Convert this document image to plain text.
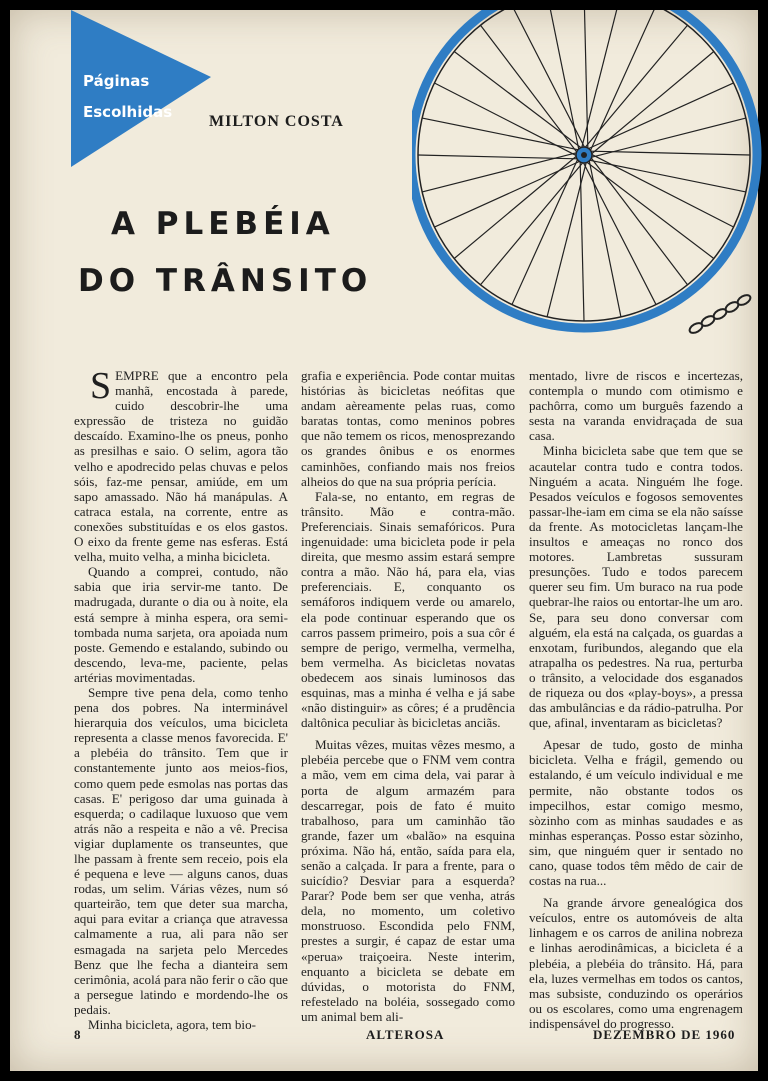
Páginas
Escolhidas
MILTON COSTA
A PLEBÉIA
DO TRÂNSITO

SEMPRE que a encontro pela manhã, encostada à parede, cuido descobrir-lhe uma expressão de tristeza no guidão descaído. Examino-lhe os pneus, ponho as presilhas e saio. O selim, agora tão velho e apodrecido pelas chuvas e pelos sóis, faz-me pensar, amiúde, em um sapo amassado. Não há manápulas. A catraca estala, na corrente, entre as conexões substituídas e os elos gastos. O eixo da frente geme nas esferas. Está velha, muito velha, a minha bicicleta.

Quando a comprei, contudo, não sabia que iria servir-me tanto. De madrugada, durante o dia ou à noite, ela está sempre à minha espera, ora semi-tombada numa sarjeta, ora apoiada num poste. Gemendo e estalando, subindo ou descendo, leva-me, paciente, pelas artérias movimentadas.

Sempre tive pena dela, como tenho pena dos pobres. Na interminável hierarquia dos veículos, uma bicicleta representa a classe menos favorecida. E' a plebéia do trânsito. Tem que ir constantemente junto aos meios-fios, como quem pede esmolas nas portas das casas. E' perigoso dar uma guinada à esquerda; o cadilaque luxuoso que vem atrás não a respeita e não a vê. Precisa vigiar duplamente os transeuntes, que lhe passam à frente sem receio, pois ela é pequena e leve — alguns canos, duas rodas, um selim. Várias vêzes, num só quarteirão, tem que deter sua marcha, aqui para evitar a criança que atravessa calmamente a rua, ali para não ser esmagada na sarjeta pelo Mercedes Benz que lhe fecha a dianteira sem cerimônia, acolá para não ferir o cão que a persegue latindo e mordendo-lhe os pedais.

Minha bicicleta, agora, tem bio-

grafia e experiência. Pode contar muitas histórias às bicicletas neófitas que andam aèreamente pelas ruas, como baratas tontas, como meninos pobres que não temem os ricos, menosprezando os grandes ônibus e os enormes caminhões, confiando mais nos freios alheios do que na sua própria perícia.

Fala-se, no entanto, em regras de trânsito. Mão e contra-mão. Preferenciais. Sinais semafóricos. Pura ingenuidade: uma bicicleta pode ir pela direita, que mesmo assim estará sempre contra a mão. Não há, para ela, vias preferenciais. E, conquanto os semáforos indiquem verde ou amarelo, ela pode continuar esperando que os carros passem primeiro, pois a sua côr é sempre de perigo, vermelha, vermelha, bem vermelha. As bicicletas novatas obedecem aos sinais luminosos das esquinas, mas a minha é velha e já sabe «não distinguir» as côres; é a prudência daltônica peculiar às bicicletas anciãs.

Muitas vêzes, muitas vêzes mesmo, a plebéia percebe que o FNM vem contra a mão, vem em cima dela, vai parar à porta de algum armazém para descarregar, pois de fato é muito trabalhoso, para um caminhão tão grande, fazer um «balão» na esquina próxima. Não há, então, saída para ela, senão a calçada. Ir para a frente, para o suicídio? Desviar para a esquerda? Parar? Pode bem ser que venha, atrás dela, no momento, um coletivo monstruoso. Escondida pelo FNM, prestes a surgir, é capaz de estar uma «perua» traiçoeira. Neste interim, enquanto a bicicleta se debate em dúvidas, o motorista do FNM, refestelado na boléia, sossegado como um animal bem ali-

mentado, livre de riscos e incertezas, contempla o mundo com otimismo e pachôrra, como um burguês fazendo a sesta na varanda envidraçada de sua casa.

Minha bicicleta sabe que tem que se acautelar contra tudo e contra todos. Ninguém a acata. Ninguém lhe foge. Pesados veículos e fogosos semoventes passar-lhe-iam em cima se ela não saísse da frente. As motocicletas lançam-lhe insultos e ameaças no ronco dos motores. Lambretas sussuram presunções. Tudo e todos parecem querer seu fim. Um buraco na rua pode quebrar-lhe raios ou entortar-lhe um aro. Se, para seu dono conversar com alguém, ela está na calçada, os guardas a enxotam, furibundos, alegando que ela atrapalha os pedestres. Na rua, perturba o trânsito, a velocidade dos esganados de riqueza ou dos «play-boys», a pressa das ambulâncias e da rádio-patrulha. Por que, afinal, inventaram as bicicletas?

Apesar de tudo, gosto de minha bicicleta. Velha e frágil, gemendo ou estalando, é um veículo individual e me permite, não obstante todos os impecilhos, estar comigo mesmo, sòzinho com as minhas saudades e as minhas esperanças. Posso estar sòzinho, sim, que ninguém quer ir sentado no cano, quase todos têm mêdo de cair de costas na rua...

Na grande árvore genealógica dos veículos, entre os automóveis de alta linhagem e os carros de anilina nobreza e linhas aerodinâmicas, a bicicleta é a plebéia, a plebéia do trânsito. Há, para ela, luzes vermelhas em todos os cantos, mas subsiste, conduzindo os operários ou os escolares, como uma engrenagem indispensável do progresso.

8	ALTEROSA	DEZEMBRO DE 1960
